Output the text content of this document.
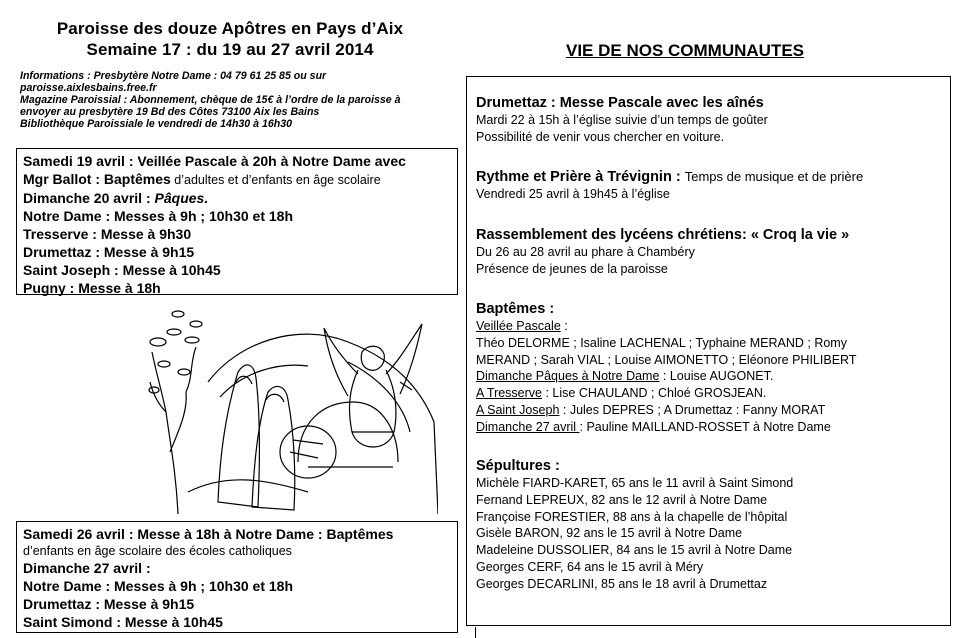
Paroisse des douze Apôtres en Pays d’Aix
Semaine 17 : du 19 au 27 avril 2014
Informations : Presbytère Notre Dame : 04 79 61 25 85 ou sur
paroisse.aixlesbains.free.fr
Magazine Paroissial : Abonnement, chèque de 15€ à l’ordre de la paroisse à
envoyer au presbytère 19 Bd des Côtes 73100 Aix les Bains
Bibliothèque Paroissiale le vendredi de 14h30 à 16h30
Samedi 19 avril : Veillée Pascale à 20h à Notre Dame avec
Mgr Ballot : Baptêmes d’adultes et d’enfants en âge scolaire
Dimanche 20 avril : Pâques.
Notre Dame : Messes à 9h ; 10h30 et 18h
Tresserve : Messe à 9h30
Drumettaz : Messe à 9h15
Saint Joseph : Messe à 10h45
Pugny : Messe à 18h
Samedi 26 avril : Messe à 18h à Notre Dame : Baptêmes
d’enfants en âge scolaire des écoles catholiques
Dimanche 27 avril :
Notre Dame : Messes à 9h ; 10h30 et 18h
Drumettaz : Messe à 9h15
Saint Simond : Messe à 10h45
VIE DE NOS COMMUNAUTES
Drumettaz : Messe Pascale avec les aînés
Mardi 22 à 15h à l’église suivie d’un temps de goûter
Possibilité de venir vous chercher en voiture.
Rythme et Prière à Trévignin : Temps de musique et de prière
Vendredi 25 avril à 19h45 à l’église
Rassemblement des lycéens chrétiens: « Croq la vie »
Du 26 au 28 avril au phare à Chambéry
Présence de jeunes de la paroisse
Baptêmes :
Veillée Pascale :
Théo DELORME ; Isaline LACHENAL ; Typhaine MERAND ; Romy
MERAND ; Sarah VIAL ; Louise AIMONETTO ; Eléonore PHILIBERT
Dimanche Pâques à Notre Dame : Louise AUGONET.
A Tresserve : Lise CHAULAND ; Chloé GROSJEAN.
A Saint Joseph : Jules DEPRES ; A Drumettaz : Fanny MORAT
Dimanche 27 avril : Pauline MAILLAND-ROSSET à Notre Dame
Sépultures :
Michèle FIARD-KARET, 65 ans le 11 avril à Saint Simond
Fernand LEPREUX, 82 ans le 12 avril à Notre Dame
Françoise FORESTIER, 88 ans à la chapelle de l’hôpital
Gisèle BARON, 92 ans le 15 avril à Notre Dame
Madeleine DUSSOLIER, 84 ans le 15 avril à Notre Dame
Georges CERF, 64 ans le 15 avril à Méry
Georges DECARLINI, 85 ans le 18 avril à Drumettaz
